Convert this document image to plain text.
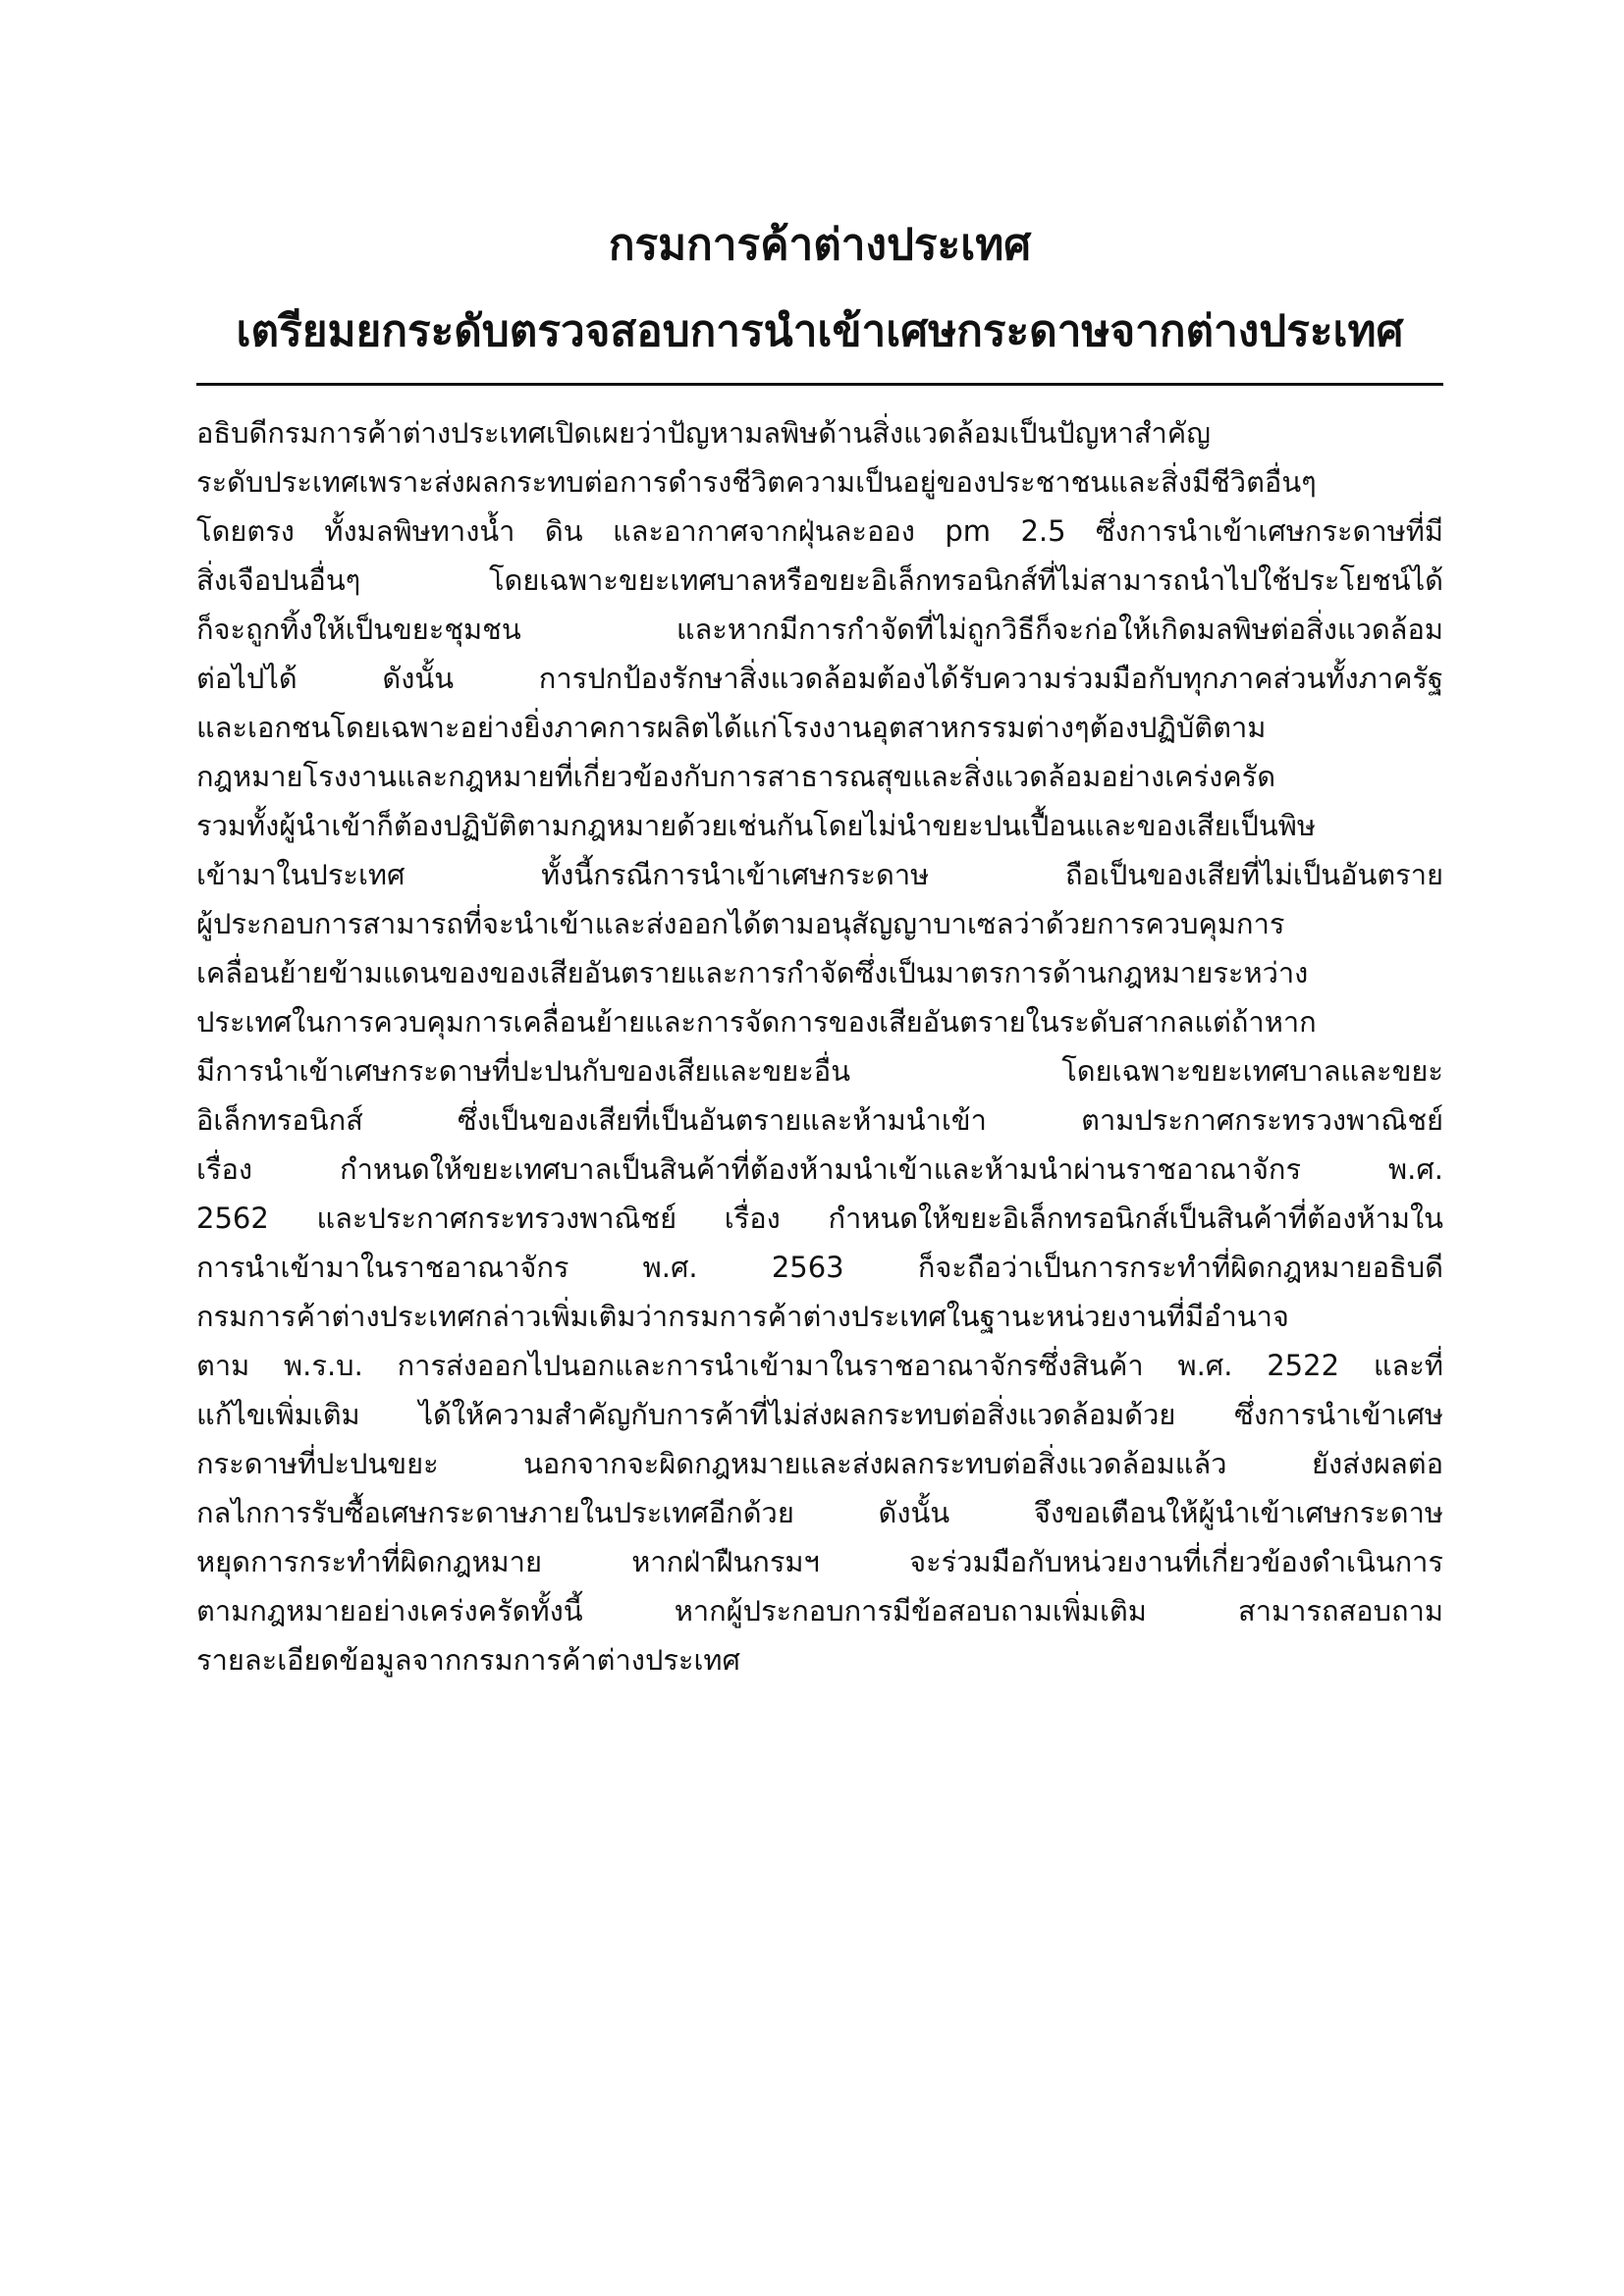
กรมการค้าต่างประเทศ
เตรียมยกระดับตรวจสอบการนำเข้าเศษกระดาษจากต่างประเทศ
อธิบดีกรมการค้าต่างประเทศเปิดเผยว่าปัญหามลพิษด้านสิ่งแวดล้อมเป็นปัญหาสำคัญ
ระดับประเทศเพราะส่งผลกระทบต่อการดำรงชีวิตความเป็นอยู่ของประชาชนและสิ่งมีชีวิตอื่นๆ
โดยตรง ทั้งมลพิษทางน้ำ ดิน และอากาศจากฝุ่นละออง pm 2.5 ซึ่งการนำเข้าเศษกระดาษที่มี
สิ่งเจือปนอื่นๆ โดยเฉพาะขยะเทศบาลหรือขยะอิเล็กทรอนิกส์ที่ไม่สามารถนำไปใช้ประโยชน์ได้
ก็จะถูกทิ้งให้เป็นขยะชุมชน และหากมีการกำจัดที่ไม่ถูกวิธีก็จะก่อให้เกิดมลพิษต่อสิ่งแวดล้อม
ต่อไปได้ ดังนั้น การปกป้องรักษาสิ่งแวดล้อมต้องได้รับความร่วมมือกับทุกภาคส่วนทั้งภาครัฐ
และเอกชนโดยเฉพาะอย่างยิ่งภาคการผลิตได้แก่โรงงานอุตสาหกรรมต่างๆต้องปฏิบัติตาม
กฎหมายโรงงานและกฎหมายที่เกี่ยวข้องกับการสาธารณสุขและสิ่งแวดล้อมอย่างเคร่งครัด
รวมทั้งผู้นำเข้าก็ต้องปฏิบัติตามกฎหมายด้วยเช่นกันโดยไม่นำขยะปนเปื้อนและของเสียเป็นพิษ
เข้ามาในประเทศ ทั้งนี้กรณีการนำเข้าเศษกระดาษ ถือเป็นของเสียที่ไม่เป็นอันตราย
ผู้ประกอบการสามารถที่จะนำเข้าและส่งออกได้ตามอนุสัญญาบาเซลว่าด้วยการควบคุมการ
เคลื่อนย้ายข้ามแดนของของเสียอันตรายและการกำจัดซึ่งเป็นมาตรการด้านกฎหมายระหว่าง
ประเทศในการควบคุมการเคลื่อนย้ายและการจัดการของเสียอันตรายในระดับสากลแต่ถ้าหาก
มีการนำเข้าเศษกระดาษที่ปะปนกับของเสียและขยะอื่น โดยเฉพาะขยะเทศบาลและขยะ
อิเล็กทรอนิกส์ ซึ่งเป็นของเสียที่เป็นอันตรายและห้ามนำเข้า ตามประกาศกระทรวงพาณิชย์
เรื่อง กำหนดให้ขยะเทศบาลเป็นสินค้าที่ต้องห้ามนำเข้าและห้ามนำผ่านราชอาณาจักร พ.ศ.
2562 และประกาศกระทรวงพาณิชย์ เรื่อง กำหนดให้ขยะอิเล็กทรอนิกส์เป็นสินค้าที่ต้องห้ามใน
การนำเข้ามาในราชอาณาจักร พ.ศ. 2563 ก็จะถือว่าเป็นการกระทำที่ผิดกฎหมายอธิบดี
กรมการค้าต่างประเทศกล่าวเพิ่มเติมว่ากรมการค้าต่างประเทศในฐานะหน่วยงานที่มีอำนาจ
ตาม พ.ร.บ. การส่งออกไปนอกและการนำเข้ามาในราชอาณาจักรซึ่งสินค้า พ.ศ. 2522 และที่
แก้ไขเพิ่มเติม ได้ให้ความสำคัญกับการค้าที่ไม่ส่งผลกระทบต่อสิ่งแวดล้อมด้วย ซึ่งการนำเข้าเศษ
กระดาษที่ปะปนขยะ นอกจากจะผิดกฎหมายและส่งผลกระทบต่อสิ่งแวดล้อมแล้ว ยังส่งผลต่อ
กลไกการรับซื้อเศษกระดาษภายในประเทศอีกด้วย ดังนั้น จึงขอเตือนให้ผู้นำเข้าเศษกระดาษ
หยุดการกระทำที่ผิดกฎหมาย หากฝ่าฝืนกรมฯ จะร่วมมือกับหน่วยงานที่เกี่ยวข้องดำเนินการ
ตามกฎหมายอย่างเคร่งครัดทั้งนี้ หากผู้ประกอบการมีข้อสอบถามเพิ่มเติม สามารถสอบถาม
รายละเอียดข้อมูลจากกรมการค้าต่างประเทศ
